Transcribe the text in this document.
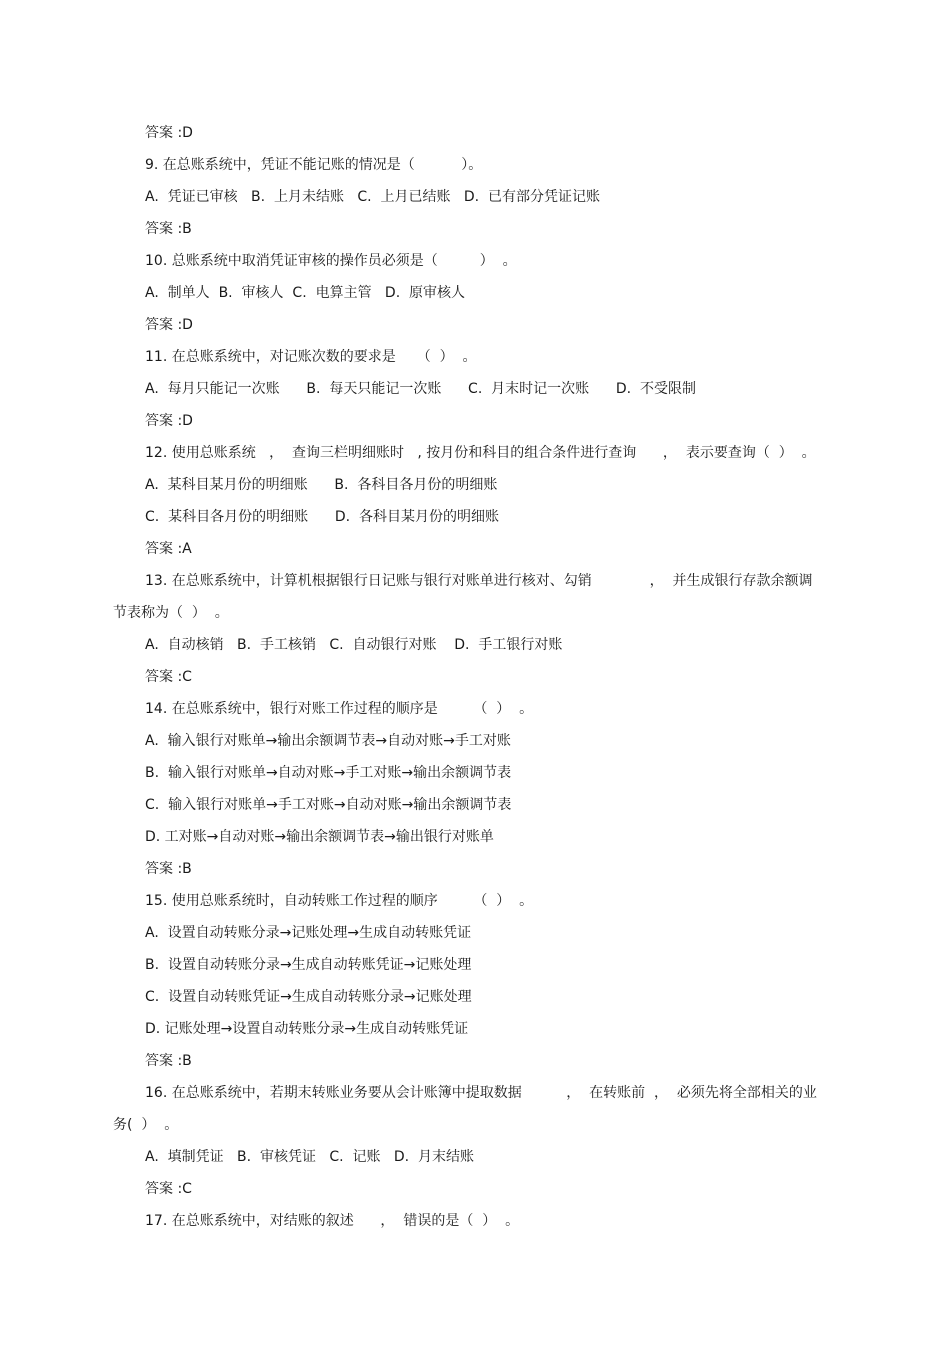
答案 :D
9. 在总账系统中，凭证不能记账的情况是（　　　 ）。
A.  凭证已审核   B.  上月未结账   C.  上月已结账   D.  已有部分凭证记账
答案 :B
10. 总账系统中取消凭证审核的操作员必须是（　　　）  。
A.  制单人  B.  审核人  C.  电算主管   D.  原审核人
答案 :D
11. 在总账系统中，对记账次数的要求是　　（  ）  。
A.  每月只能记一次账      B.  每天只能记一次账      C.  月末时记一次账      D.  不受限制
答案 :D
12. 使用总账系统   ，  查询三栏明细账时   , 按月份和科目的组合条件进行查询      ，  表示要查询（  ）  。
A.  某科目某月份的明细账      B.  各科目各月份的明细账
C.  某科目各月份的明细账      D.  各科目某月份的明细账
答案 :A
13. 在总账系统中，计算机根据银行日记账与银行对账单进行核对、勾销             ，  并生成银行存款余额调
节表称为（  ）  。
A.  自动核销   B.  手工核销   C.  自动银行对账    D.  手工银行对账
答案 :C
14. 在总账系统中，银行对账工作过程的顺序是        （  ）  。
A.  输入银行对账单→输出余额调节表→自动对账→手工对账
B.  输入银行对账单→自动对账→手工对账→输出余额调节表
C.  输入银行对账单→手工对账→自动对账→输出余额调节表
D. 工对账→自动对账→输出余额调节表→输出银行对账单
答案 :B
15. 使用总账系统时，自动转账工作过程的顺序        （  ）  。
A.  设置自动转账分录→记账处理→生成自动转账凭证
B.  设置自动转账分录→生成自动转账凭证→记账处理
C.  设置自动转账凭证→生成自动转账分录→记账处理
D. 记账处理→设置自动转账分录→生成自动转账凭证
答案 :B
16. 在总账系统中，若期末转账业务要从会计账簿中提取数据          ，  在转账前  ，  必须先将全部相关的业
务(  ）  。
A.  填制凭证   B.  审核凭证   C.  记账   D.  月末结账
答案 :C
17. 在总账系统中，对结账的叙述      ，  错误的是（  ）  。
